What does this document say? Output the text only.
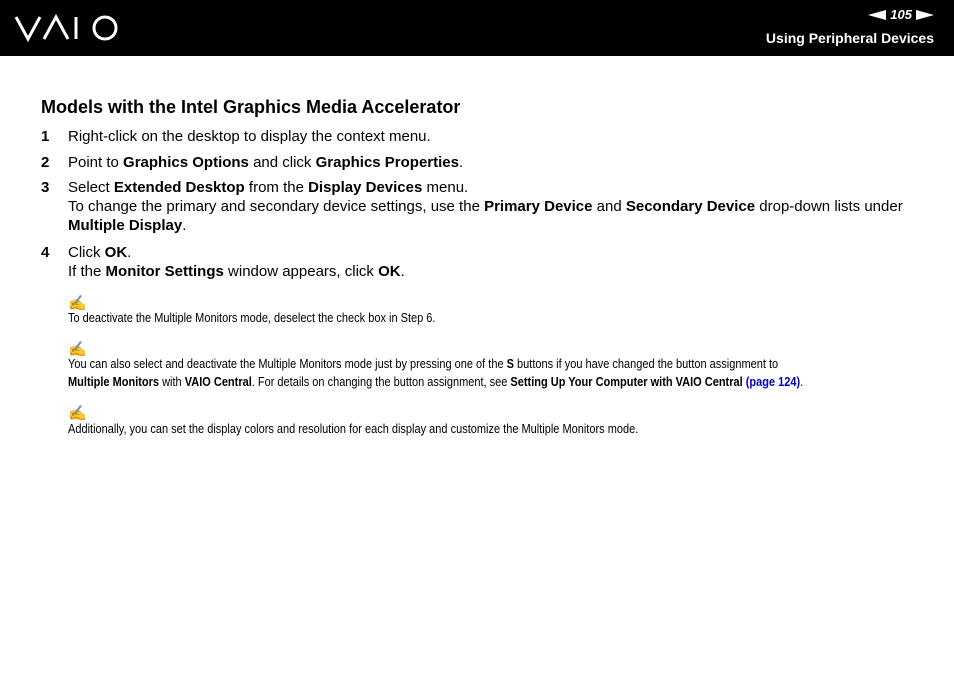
105
Using Peripheral Devices
Models with the Intel Graphics Media Accelerator
1 Right-click on the desktop to display the context menu.
2 Point to Graphics Options and click Graphics Properties.
3 Select Extended Desktop from the Display Devices menu.
To change the primary and secondary device settings, use the Primary Device and Secondary Device drop-down lists under Multiple Display.
4 Click OK.
If the Monitor Settings window appears, click OK.
✍
To deactivate the Multiple Monitors mode, deselect the check box in Step 6.
✍
You can also select and deactivate the Multiple Monitors mode just by pressing one of the S buttons if you have changed the button assignment to
Multiple Monitors with VAIO Central. For details on changing the button assignment, see Setting Up Your Computer with VAIO Central (page 124).
✍
Additionally, you can set the display colors and resolution for each display and customize the Multiple Monitors mode.
